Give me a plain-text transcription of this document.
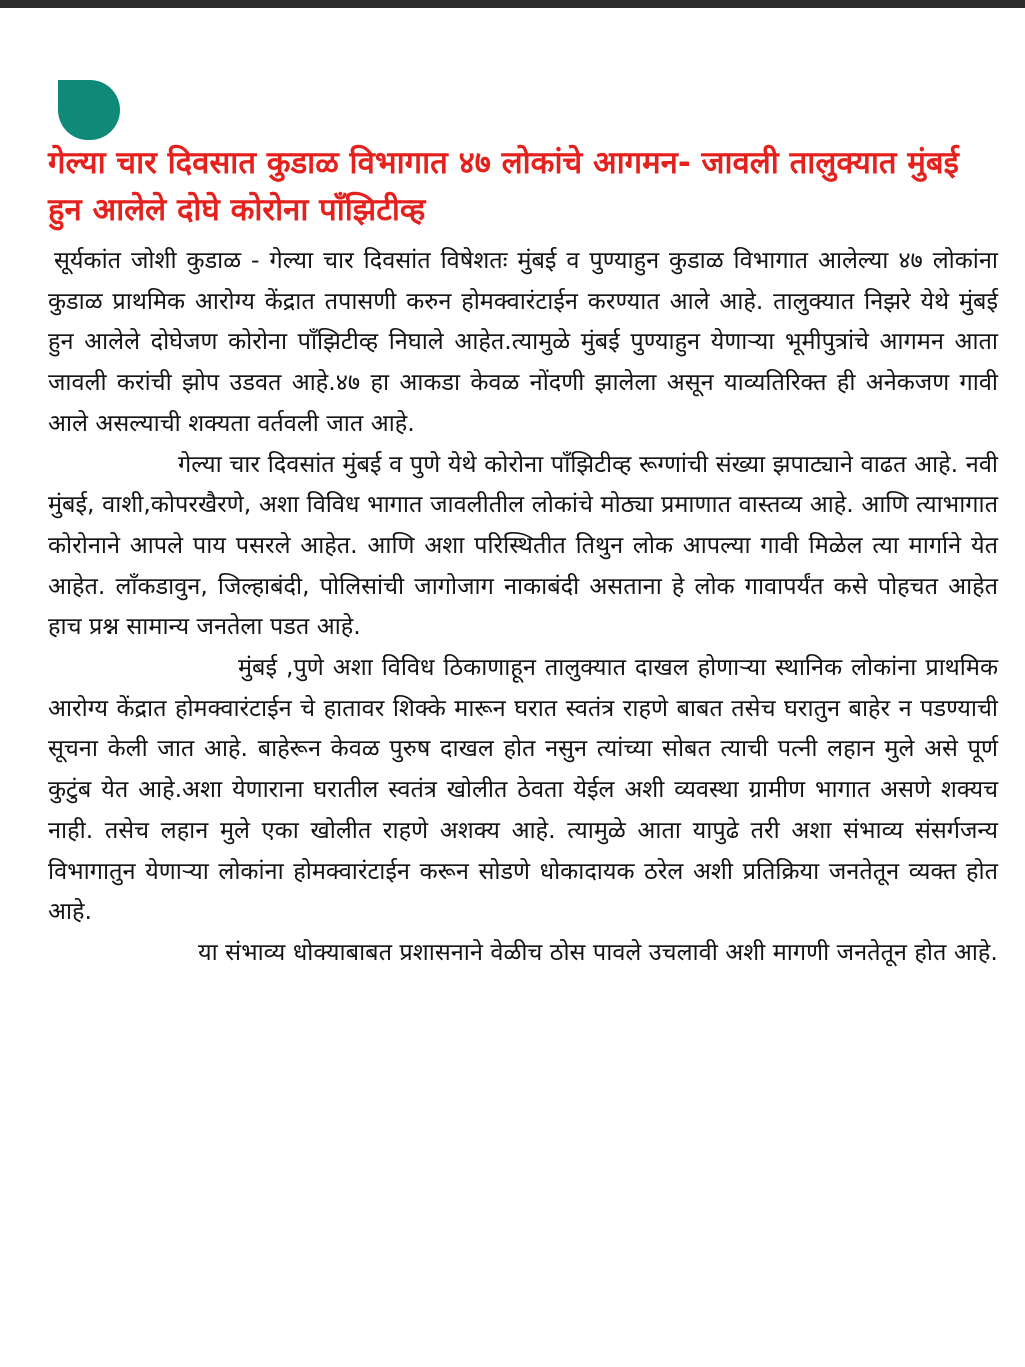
गेल्या चार दिवसात कुडाळ विभागात ४७ लोकांचे आगमन- जावली तालुक्यात मुंबई हुन आलेले दोघे कोरोना पाँझिटीव्ह

सूर्यकांत जोशी कुडाळ - गेल्या चार दिवसांत विषेशतः मुंबई व पुण्याहुन कुडाळ विभागात आलेल्या ४७ लोकांना कुडाळ प्राथमिक आरोग्य केंद्रात तपासणी करुन होमक्वारंटाईन करण्यात आले आहे. तालुक्यात निझरे येथे मुंबई हुन आलेले दोघेजण कोरोना पाँझिटीव्ह निघाले आहेत.त्यामुळे मुंबई पुण्याहुन येणाऱ्या भूमीपुत्रांचे आगमन आता जावली करांची झोप उडवत आहे.४७ हा आकडा केवळ नोंदणी झालेला असून याव्यतिरिक्त ही अनेकजण गावी आले असल्याची शक्यता वर्तवली जात आहे.

गेल्या चार दिवसांत मुंबई व पुणे येथे कोरोना पाँझिटीव्ह रूग्णांची संख्या झपाट्याने वाढत आहे. नवी मुंबई, वाशी,कोपरखैरणे, अशा विविध भागात जावलीतील लोकांचे मोठ्या प्रमाणात वास्तव्य आहे. आणि त्याभागात कोरोनाने आपले पाय पसरले आहेत. आणि अशा परिस्थितीत तिथुन लोक आपल्या गावी मिळेल त्या मार्गाने येत आहेत. लाँकडावुन, जिल्हाबंदी, पोलिसांची जागोजाग नाकाबंदी असताना हे लोक गावापर्यंत कसे पोहचत आहेत हाच प्रश्न सामान्य जनतेला पडत आहे.

मुंबई ,पुणे अशा विविध ठिकाणाहून तालुक्यात दाखल होणाऱ्या स्थानिक लोकांना प्राथमिक आरोग्य केंद्रात होमक्वारंटाईन चे हातावर शिक्के मारून घरात स्वतंत्र राहणे बाबत तसेच घरातुन बाहेर न पडण्याची सूचना केली जात आहे. बाहेरून केवळ पुरुष दाखल होत नसुन त्यांच्या सोबत त्याची पत्नी लहान मुले असे पूर्ण कुटुंब येत आहे.अशा येणाराना घरातील स्वतंत्र खोलीत ठेवता येईल अशी व्यवस्था ग्रामीण भागात असणे शक्यच नाही. तसेच लहान मुले एका खोलीत राहणे अशक्य आहे. त्यामुळे आता यापुढे तरी अशा संभाव्य संसर्गजन्य विभागातुन येणाऱ्या लोकांना होमक्वारंटाईन करून सोडणे धोकादायक ठरेल अशी प्रतिक्रिया जनतेतून व्यक्त होत आहे.

या संभाव्य धोक्याबाबत प्रशासनाने वेळीच ठोस पावले उचलावी अशी मागणी जनतेतून होत आहे.
